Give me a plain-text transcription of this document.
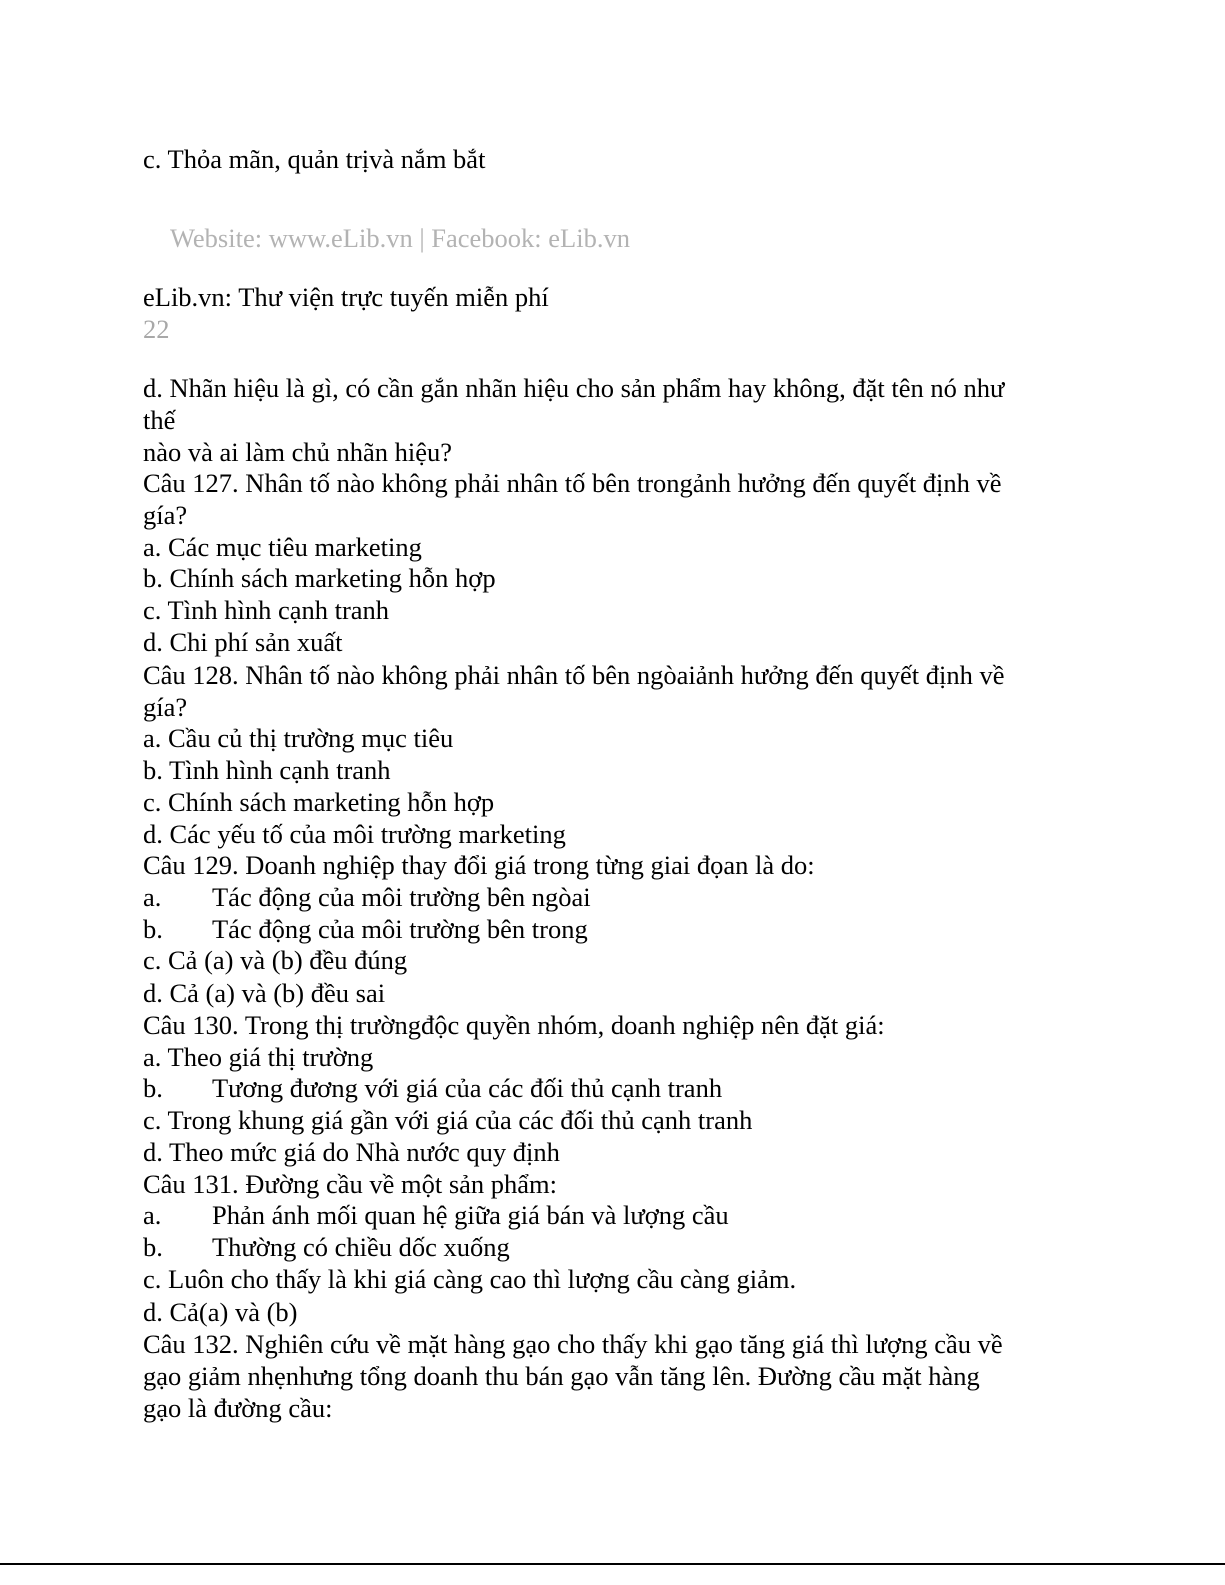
c. Thỏa mãn, quản trịvà nắm bắt
Website: www.eLib.vn | Facebook: eLib.vn
eLib.vn: Thư viện trực tuyến miễn phí
22
d. Nhãn hiệu là gì, có cần gắn nhãn hiệu cho sản phẩm hay không, đặt tên nó như
thế
nào và ai làm chủ nhãn hiệu?
Câu 127. Nhân tố nào không phải nhân tố bên trongảnh hưởng đến quyết định về
gía?
a. Các mục tiêu marketing
b. Chính sách marketing hỗn hợp
c. Tình hình cạnh tranh
d. Chi phí sản xuất
Câu 128. Nhân tố nào không phải nhân tố bên ngòaiảnh hưởng đến quyết định về
gía?
a. Cầu củ thị trường mục tiêu
b. Tình hình cạnh tranh
c. Chính sách marketing hỗn hợp
d. Các yếu tố của môi trường marketing
Câu 129. Doanh nghiệp thay đổi giá trong từng giai đọan là do:
a. Tác động của môi trường bên ngòai
b. Tác động của môi trường bên trong
c. Cả (a) và (b) đều đúng
d. Cả (a) và (b) đều sai
Câu 130. Trong thị trườngđộc quyền nhóm, doanh nghiệp nên đặt giá:
a. Theo giá thị trường
b. Tương đương với giá của các đối thủ cạnh tranh
c. Trong khung giá gần với giá của các đối thủ cạnh tranh
d. Theo mức giá do Nhà nước quy định
Câu 131. Đường cầu về một sản phẩm:
a. Phản ánh mối quan hệ giữa giá bán và lượng cầu
b. Thường có chiều dốc xuống
c. Luôn cho thấy là khi giá càng cao thì lượng cầu càng giảm.
d. Cả(a) và (b)
Câu 132. Nghiên cứu về mặt hàng gạo cho thấy khi gạo tăng giá thì lượng cầu về
gạo giảm nhẹnhưng tổng doanh thu bán gạo vẫn tăng lên. Đường cầu mặt hàng
gạo là đường cầu:
